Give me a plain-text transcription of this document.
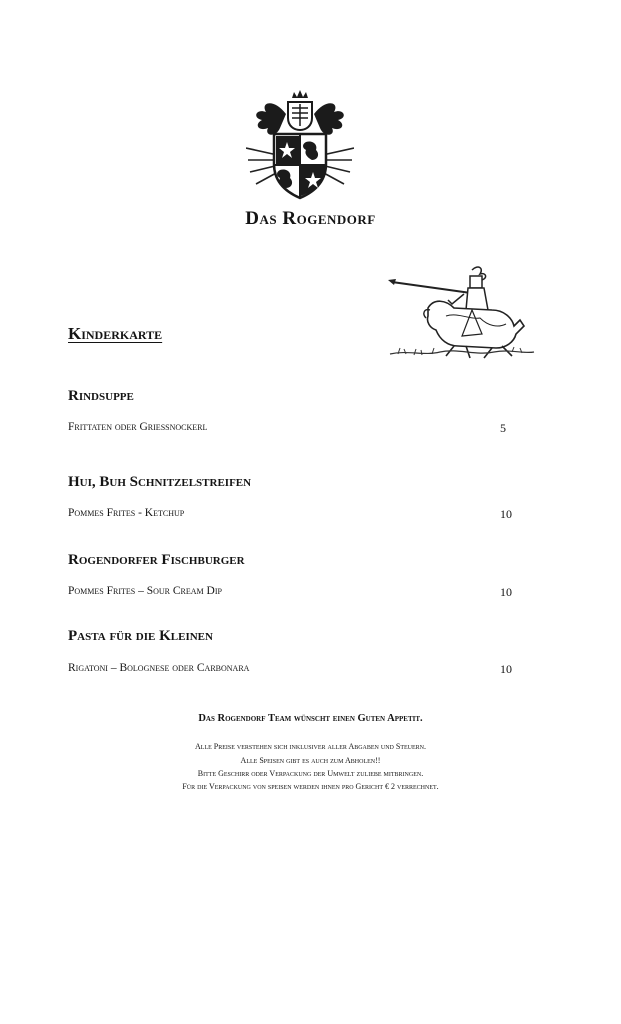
Das Rogendorf
Kinderkarte
Rindsuppe
Frittaten oder Griessnockerl	5
Hui, Buh Schnitzelstreifen
Pommes Frites - Ketchup	10
Rogendorfer Fischburger
Pommes Frites – Sour Cream Dip	10
Pasta für die Kleinen
Rigatoni – Bolognese oder Carbonara	10
Das Rogendorf Team wünscht einen Guten Appetit.
Alle Preise verstehen sich inklusiver aller Abgaben und Steuern.
Alle Speisen gibt es auch zum Abholen!!
Bitte Geschirr oder Verpackung der Umwelt zuliebe mitbringen.
Für die Verpackung von speisen werden ihnen pro Gericht € 2 verrechnet.
